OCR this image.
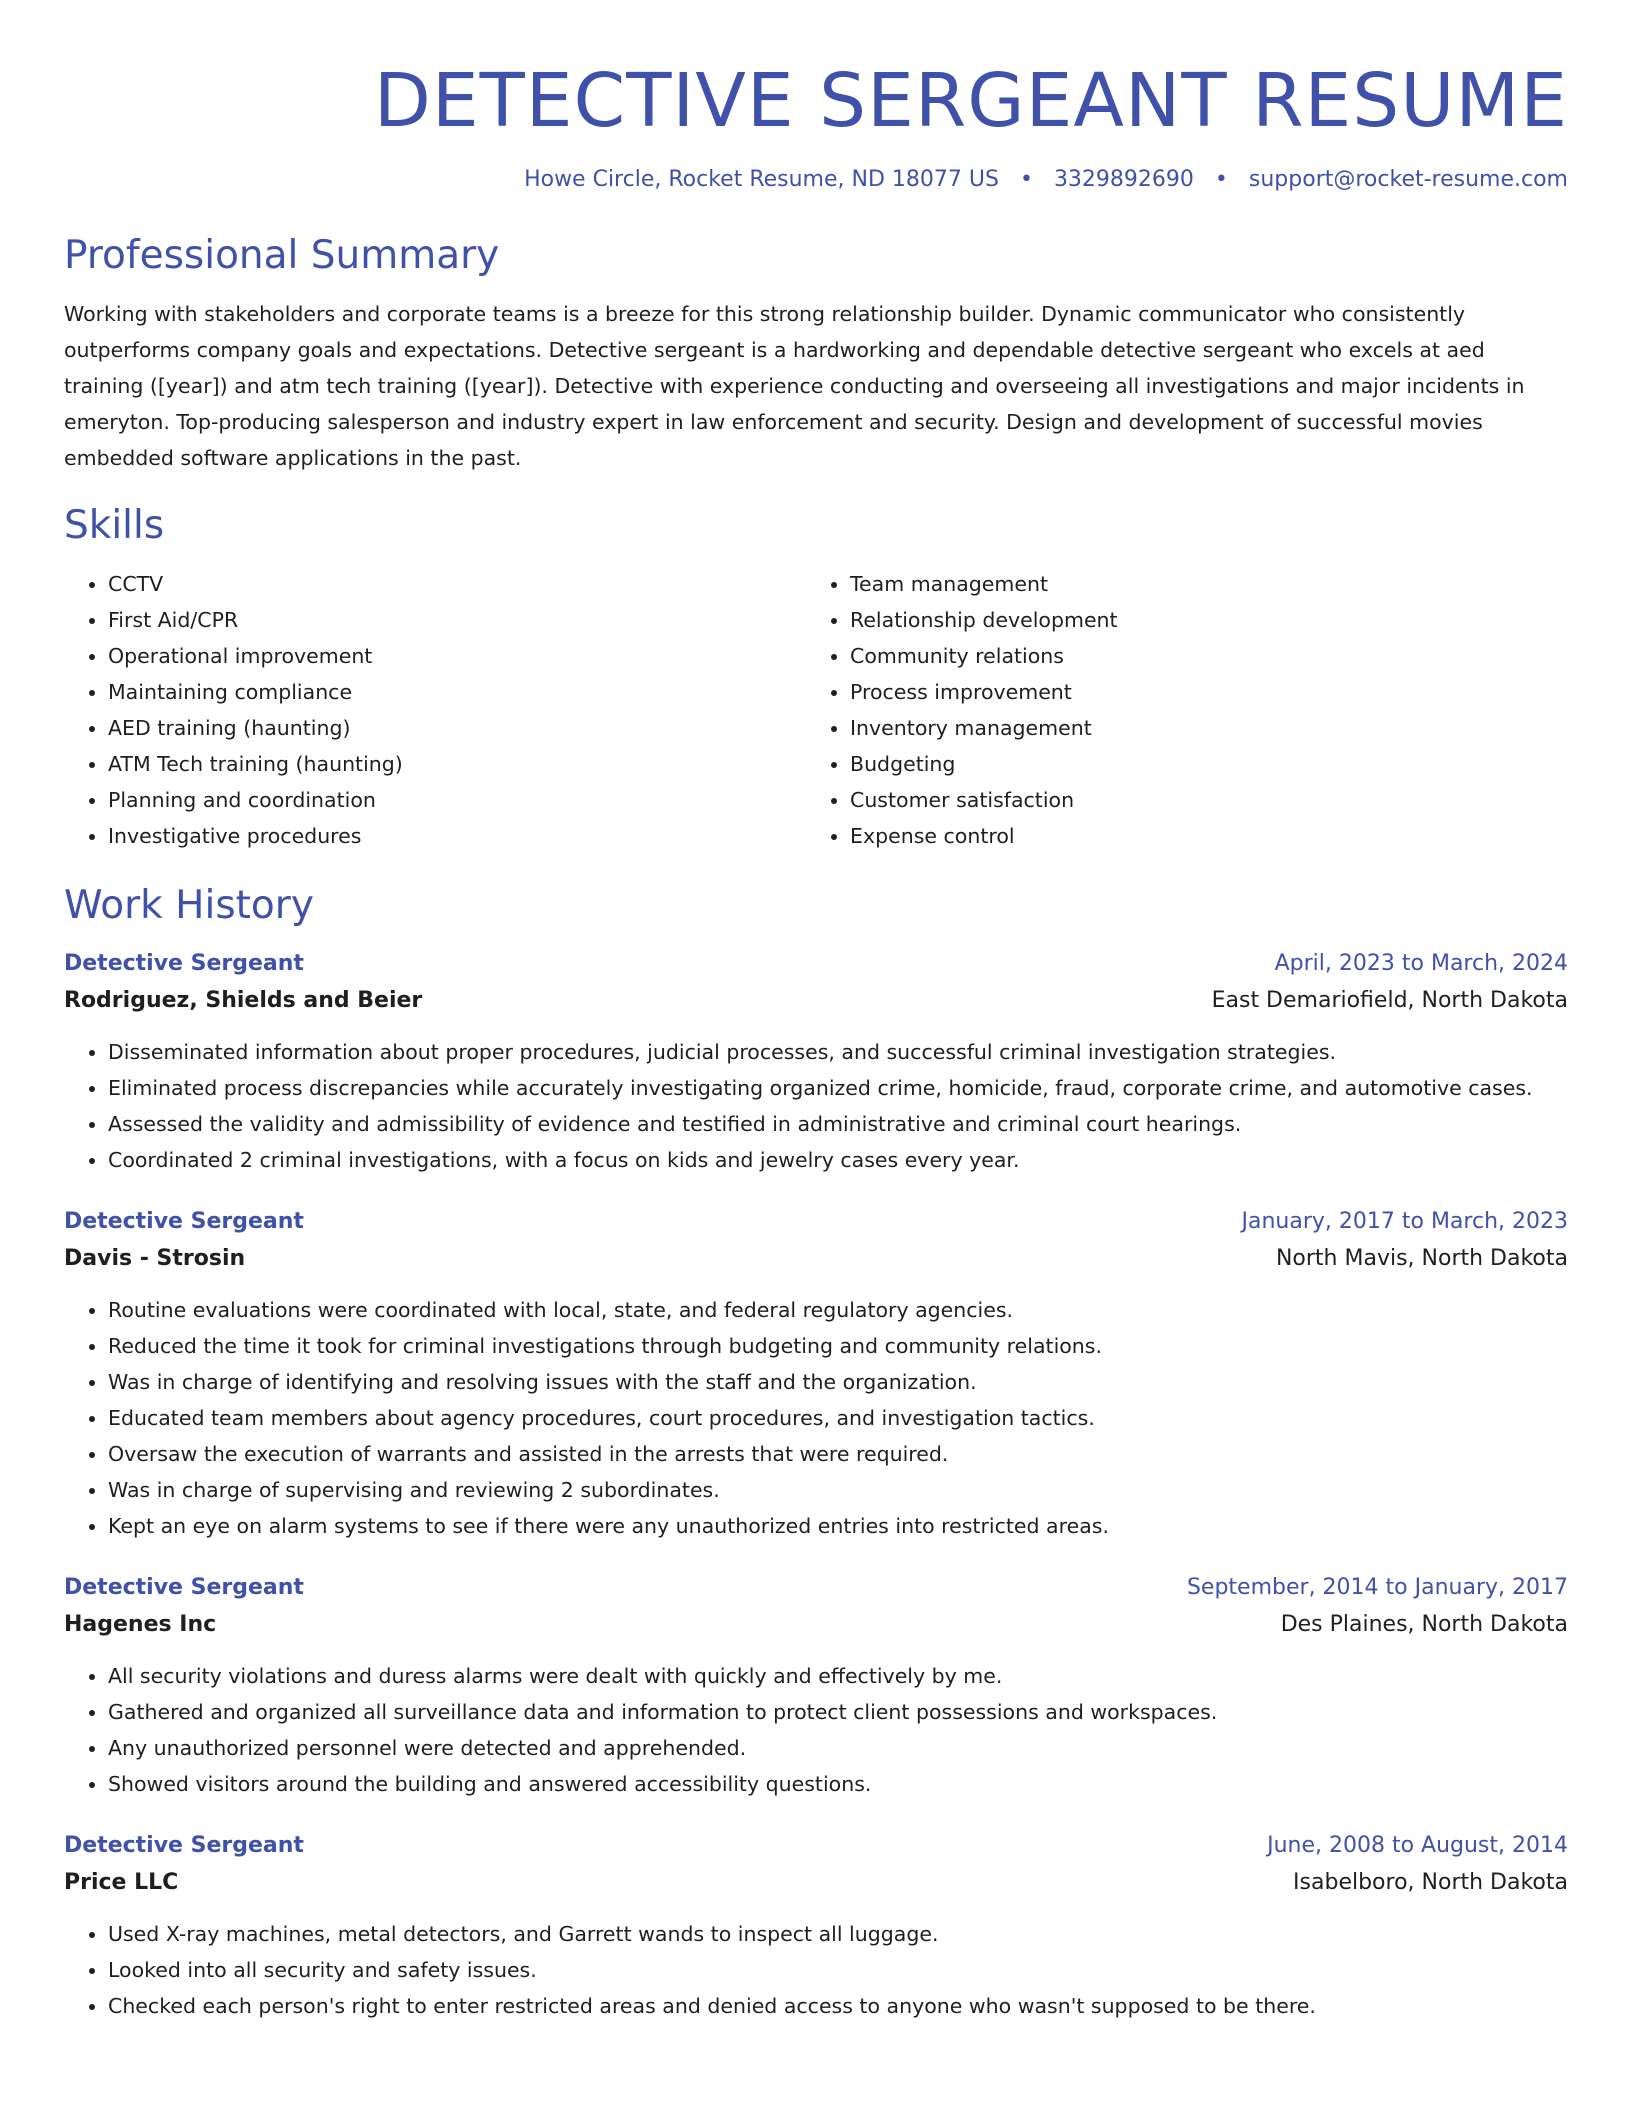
DETECTIVE SERGEANT RESUME
Howe Circle, Rocket Resume, ND 18077 US • 3329892690 • support@rocket-resume.com
Professional Summary

Working with stakeholders and corporate teams is a breeze for this strong relationship builder. Dynamic communicator who consistently outperforms company goals and expectations. Detective sergeant is a hardworking and dependable detective sergeant who excels at aed training ([year]) and atm tech training ([year]). Detective with experience conducting and overseeing all investigations and major incidents in emeryton. Top-producing salesperson and industry expert in law enforcement and security. Design and development of successful movies embedded software applications in the past.

Skills
• CCTV
• First Aid/CPR
• Operational improvement
• Maintaining compliance
• AED training (haunting)
• ATM Tech training (haunting)
• Planning and coordination
• Investigative procedures
• Team management
• Relationship development
• Community relations
• Process improvement
• Inventory management
• Budgeting
• Customer satisfaction
• Expense control
Work History
Detective Sergeant	April, 2023 to March, 2024
Rodriguez, Shields and Beier	East Demariofield, North Dakota
• Disseminated information about proper procedures, judicial processes, and successful criminal investigation strategies.
• Eliminated process discrepancies while accurately investigating organized crime, homicide, fraud, corporate crime, and automotive cases.
• Assessed the validity and admissibility of evidence and testified in administrative and criminal court hearings.
• Coordinated 2 criminal investigations, with a focus on kids and jewelry cases every year.
Detective Sergeant	January, 2017 to March, 2023
Davis - Strosin	North Mavis, North Dakota
• Routine evaluations were coordinated with local, state, and federal regulatory agencies.
• Reduced the time it took for criminal investigations through budgeting and community relations.
• Was in charge of identifying and resolving issues with the staff and the organization.
• Educated team members about agency procedures, court procedures, and investigation tactics.
• Oversaw the execution of warrants and assisted in the arrests that were required.
• Was in charge of supervising and reviewing 2 subordinates.
• Kept an eye on alarm systems to see if there were any unauthorized entries into restricted areas.
Detective Sergeant	September, 2014 to January, 2017
Hagenes Inc	Des Plaines, North Dakota
• All security violations and duress alarms were dealt with quickly and effectively by me.
• Gathered and organized all surveillance data and information to protect client possessions and workspaces.
• Any unauthorized personnel were detected and apprehended.
• Showed visitors around the building and answered accessibility questions.
Detective Sergeant	June, 2008 to August, 2014
Price LLC	Isabelboro, North Dakota
• Used X-ray machines, metal detectors, and Garrett wands to inspect all luggage.
• Looked into all security and safety issues.
• Checked each person's right to enter restricted areas and denied access to anyone who wasn't supposed to be there.
